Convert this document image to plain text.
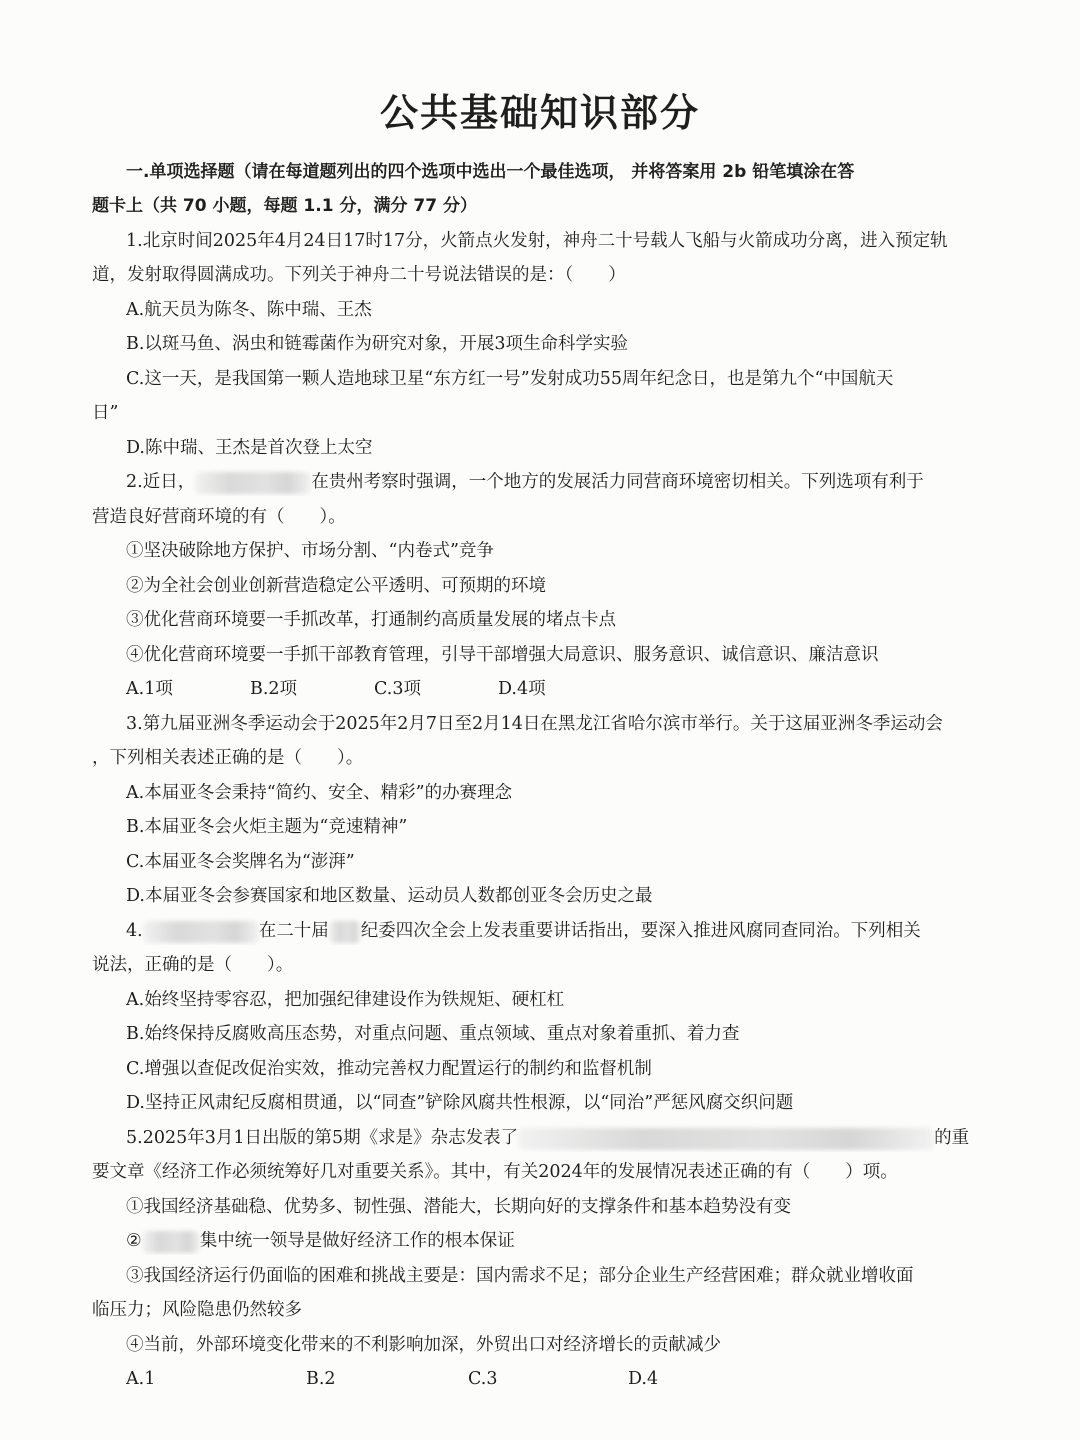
公共基础知识部分
一.单项选择题（请在每道题列出的四个选项中选出一个最佳选项， 并将答案用 2b 铅笔填涂在答
题卡上（共 70 小题，每题 1.1 分，满分 77 分）
1.北京时间2025年4月24日17时17分，火箭点火发射，神舟二十号载人飞船与火箭成功分离，进入预定轨
道，发射取得圆满成功。下列关于神舟二十号说法错误的是：（　　）
A.航天员为陈冬、陈中瑞、王杰
B.以斑马鱼、涡虫和链霉菌作为研究对象，开展3项生命科学实验
C.这一天，是我国第一颗人造地球卫星“东方红一号”发射成功55周年纪念日，也是第九个“中国航天
日”
D.陈中瑞、王杰是首次登上太空
2.近日，	在贵州考察时强调，一个地方的发展活力同营商环境密切相关。下列选项有利于
营造良好营商环境的有（　　）。
①坚决破除地方保护、市场分割、“内卷式”竞争
②为全社会创业创新营造稳定公平透明、可预期的环境
③优化营商环境要一手抓改革，打通制约高质量发展的堵点卡点
④优化营商环境要一手抓干部教育管理，引导干部增强大局意识、服务意识、诚信意识、廉洁意识
A.1项	B.2项	C.3项	D.4项
3.第九届亚洲冬季运动会于2025年2月7日至2月14日在黑龙江省哈尔滨市举行。关于这届亚洲冬季运动会
，下列相关表述正确的是（　　）。
A.本届亚冬会秉持“简约、安全、精彩”的办赛理念
B.本届亚冬会火炬主题为“竞速精神”
C.本届亚冬会奖牌名为“澎湃”
D.本届亚冬会参赛国家和地区数量、运动员人数都创亚冬会历史之最
4.	在二十届 纪委四次全会上发表重要讲话指出，要深入推进风腐同查同治。下列相关
说法，正确的是（　　）。
A.始终坚持零容忍，把加强纪律建设作为铁规矩、硬杠杠
B.始终保持反腐败高压态势，对重点问题、重点领域、重点对象着重抓、着力查
C.增强以查促改促治实效，推动完善权力配置运行的制约和监督机制
D.坚持正风肃纪反腐相贯通，以“同查”铲除风腐共性根源，以“同治”严惩风腐交织问题
5.2025年3月1日出版的第5期《求是》杂志发表了	的重
要文章《经济工作必须统筹好几对重要关系》。其中，有关2024年的发展情况表述正确的有（　　）项。
①我国经济基础稳、优势多、韧性强、潜能大，长期向好的支撑条件和基本趋势没有变
②	集中统一领导是做好经济工作的根本保证
③我国经济运行仍面临的困难和挑战主要是：国内需求不足；部分企业生产经营困难；群众就业增收面
临压力；风险隐患仍然较多
④当前，外部环境变化带来的不利影响加深，外贸出口对经济增长的贡献减少
A.1	B.2	C.3	D.4
